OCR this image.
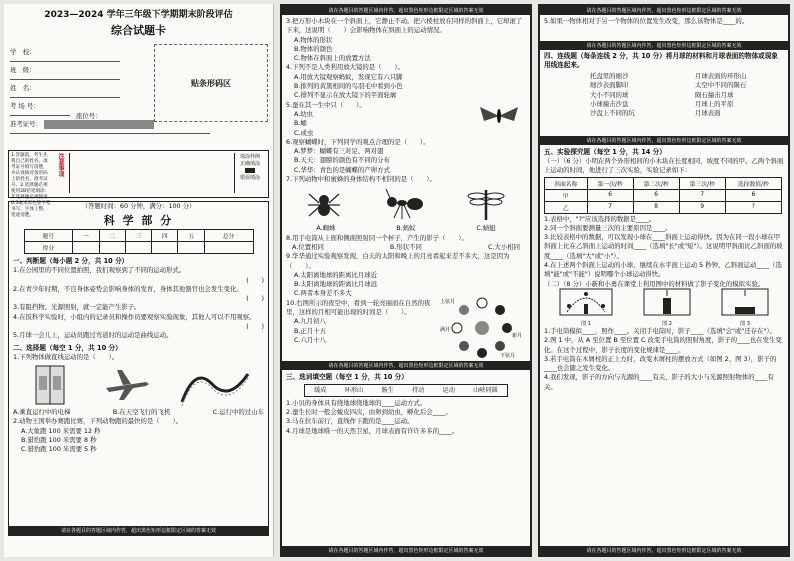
2023—2024 学年三年级下学期期末阶段评估
综合试题卡
学　校：
班　级：
姓　名：
考 场 号：
准考证号：
座位号：
贴条形码区
1.答题前，考生先将自己的姓名、准考证号填写清楚，并认真核对条形码上的姓名、准考证号。2.选择题必须使用2B铅笔填涂；非选择题必须使用0.5毫米黑色签字笔书写，字体工整、笔迹清楚。
注意事项	填涂样例
正确填涂
错误填涂
（答题时间：60 分钟，满分：100 分）
科 学 部 分
题号	一	二	三	四	五	总分
得分						
一、判断题（每小题 2 分，共 10 分）
1.在公园里的不同位置拍照，我们观察到了不同的运动形式。
(　　)
2.在青少年时期，不良身体姿势会影响身体的发育，身体其他器官也会发生变化。
(　　)
3.有阻挡物、光源照射，就一定能产生影子。
4.在饭科学实验时，小组内的记录员和操作员要观察实验现象，其他人可以不用观察。
(　　)
5.月球一会儿上，运动员跑过弯道时的运动是曲线运动。
二、选择题（每空 1 分，共 10 分）
1.下列物体做直线运动的是（　　）。
A.乘直运行中的电梯	B.在天空飞行的飞机	C.运行中的过山车
2.动物王国举办赛跑比赛，下列动物跑的最快的是（　　）。
A.大象跑 100 米需要 12 秒
B.猎豹跑 100 米需要 8 秒
C.猎豹跑 100 米需要 5 秒
请在各题目的答题区域内作答，超出黑色矩形边框限定区域的答案无效
请在各题目的答题区域内作答，超出黑色矩形边框限定区域的答案无效
3.把万形小木块在一个斜面上，它静止不动。把六棱柱放在同样的斜面上，它却滚了下来，这说明（　　）会影响物体在斜面上的运动情况。
A.物体的形状
B.物体的颜色
C.物体在斜面上的放置方法
4.下列不是人类利用放大镜的是（　　）。
A.用放大镜观察蚂蚁，发现它有六只脚
B.排列的黄黑相间的鸟羽毛中看到小色
C.排列不显示在放大镜下的平面轮廓
5.蚕在其一生中只（　　）。
A.幼虫
B.蛹
C.成虫
6.观察蝴蝶时，下列同学的观点合理的是（　　）。
A.梦梦：蝴蝶有三对足、两对翅
B.天天：翅膀的颜色有不同的分布
C.华华：青色的是蝴蝶的产卵方式
7.下列动物中和蜜蜂的身体结构不相同的是（　　）。
A.蜘蛛	B.蚂蚁	C.蜻蜓
8.用手电筒从上面和侧面照射同一个杯子，产生的影子（　　）。
A.位置相同	B.形状不同	C.大小相同
9.华华通过实验观察发现，白天的太阳和晚上的月亮看起来差不多大，这是因为（　　）。
A.太阳离地球的距离比月球近
B.太阳离地球的距离比月球远
C.两者本身差不多大
10.右图所示的夜空中，看到一轮亮丽而在自然的夜里，这样的月相可能出现的时间是（　　）。
A.九月初八
B.正月十五
C.六月十八
上弦月
满月
下弦月
新月
请在各题目的答题区域内作答，超出黑色矩形边框限定区域的答案无效
三、选词填空题（每空 1 分，共 10 分）
缓成	环形山	肠生	持动	运动	山峡同圆
1.小贝的身体具有绕地球绕地球的____运动方式。
2.蚕生长时一般会蜕皮四次，由卵到幼虫，孵化后会____。
3.马在拉车前行，直线作下跑的是____运动。
4.月球是地球唯一的天然卫星，月球表面有许许多多的____。
请在各题目的答题区域内作答，超出黑色矩形边框限定区域的答案无效
请在各题目的答题区域内作答，超出黑色矩形边框限定区域的答案无效
5.如果一物体相对于另一个物体的位置发生改变，那么该物体是____的。
请在各题目的答题区域内作答，超出黑色矩形边框限定区域的答案无效
四、连线题（每条连线 2 分，共 10 分）将月球的材料和月球表面的物体或现象用线连起来。
托盘里的细沙
细沙表面脚印
大小不同的球
小球撞击沙盘
沙盘上不同的坑
月球表面的环形山
太空中不同的陨石
陨石撞击月球
月球上的平原
月球表面
请在各题目的答题区域内作答，超出黑色矩形边框限定区域的答案无效
五、实验探究题（每空 1 分，共 14 分）
（一）（6 分）小明在两个外形相同的小木块在长度相同，坡度不同的甲、乙两个斜面上运动的时间，他进行了三次实验，实验记录如下：
斜面名称	第一次/秒	第二次/秒	第三次/秒	选择数值/秒
甲	6	6	7	6
乙	7	8	9	?
1.表格中，"?"应该选择的数据是____。
2.同一个斜面要测量三次的主要原因是____。
3.比较表格中的数据，可以发现小球在____斜面上运动得快。因为在同一段小球在甲斜面上比在乙斜面上运动的时间____（选填"长"或"短"）。这说明甲斜面比乙斜面的坡度____（选填"大"或"小"）。
4.在上述两个斜面上运动的小球，继续在水平面上运动 5 秒钟，乙斜面运动____（选填"能"或"不能"）说明哪个小球运动得快。
（二）（8 分）小新和小勇在课堂上利用图中的材料做了影子变化的模拟实验。
图 1	图 2	图 3
1.手电筒模拟____，照作____。关闭手电筒时，影子____（选填"会"或"还存在"）。
2.图 1 中，从 A 至位置 B 至位置 C 改变手电筒的照射角度，影子的____也在发生变化。在这个过程中，影子长度的变化规律是____。
3.若手电筒在木屑柱的正上方时，改变木屑柱的摆放方式（如图 2、图 3），影子的____也会随之发生变化。
4.我们发现，影子的方向与光源的____有关，影子的大小与光源照射物体的____有关。
请在各题目的答题区域内作答，超出黑色矩形边框限定区域的答案无效
